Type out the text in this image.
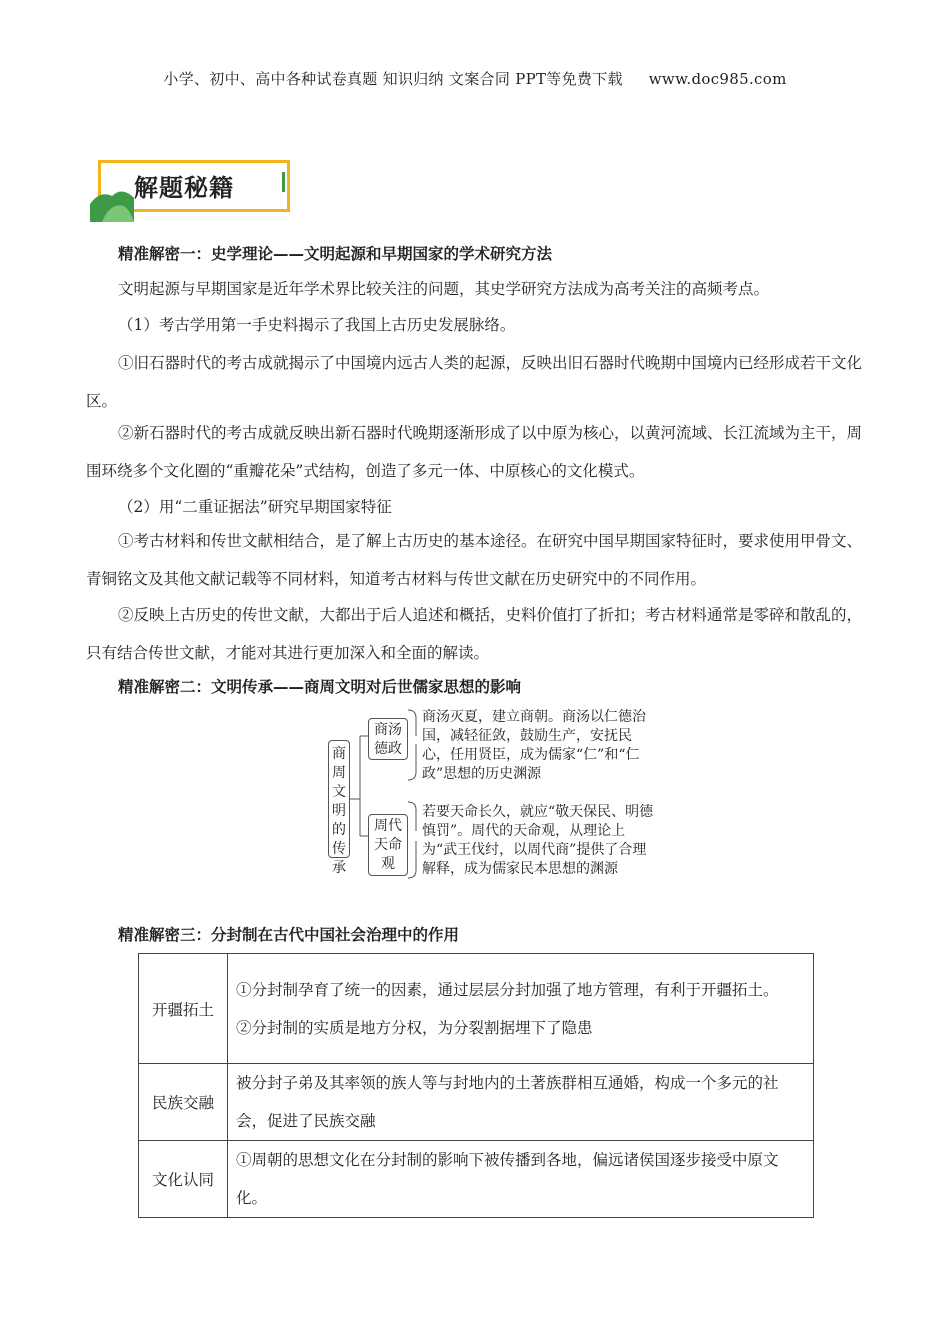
小学、初中、高中各种试卷真题 知识归纳 文案合同 PPT等免费下载 www.doc985.com
解题秘籍

精准解密一：史学理论——文明起源和早期国家的学术研究方法

文明起源与早期国家是近年学术界比较关注的问题，其史学研究方法成为高考关注的高频考点。

（1）考古学用第一手史料揭示了我国上古历史发展脉络。

①旧石器时代的考古成就揭示了中国境内远古人类的起源，反映出旧石器时代晚期中国境内已经形成若干文化区。

②新石器时代的考古成就反映出新石器时代晚期逐渐形成了以中原为核心，以黄河流域、长江流域为主干，周围环绕多个文化圈的“重瓣花朵”式结构，创造了多元一体、中原核心的文化模式。

（2）用“二重证据法”研究早期国家特征

①考古材料和传世文献相结合，是了解上古历史的基本途径。在研究中国早期国家特征时，要求使用甲骨文、青铜铭文及其他文献记载等不同材料，知道考古材料与传世文献在历史研究中的不同作用。

②反映上古历史的传世文献，大都出于后人追述和概括，史料价值打了折扣；考古材料通常是零碎和散乱的，只有结合传世文献，才能对其进行更加深入和全面的解读。

精准解密二：文明传承——商周文明对后世儒家思想的影响

商周文明的传承
商汤德政
周代天命观
商汤灭夏，建立商朝。商汤以仁德治国，减轻征敛，鼓励生产，安抚民心，任用贤臣，成为儒家“仁”和“仁政”思想的历史渊源
若要天命长久，就应“敬天保民、明德慎罚”。周代的天命观，从理论上为“武王伐纣，以周代商”提供了合理解释，成为儒家民本思想的渊源

精准解密三：分封制在古代中国社会治理中的作用

开疆拓土	①分封制孕育了统一的因素，通过层层分封加强了地方管理，有利于开疆拓土。
②分封制的实质是地方分权，为分裂割据埋下了隐患

民族交融	被分封子弟及其率领的族人等与封地内的土著族群相互通婚，构成一个多元的社会，促进了民族交融

文化认同	①周朝的思想文化在分封制的影响下被传播到各地，偏远诸侯国逐步接受中原文化。
